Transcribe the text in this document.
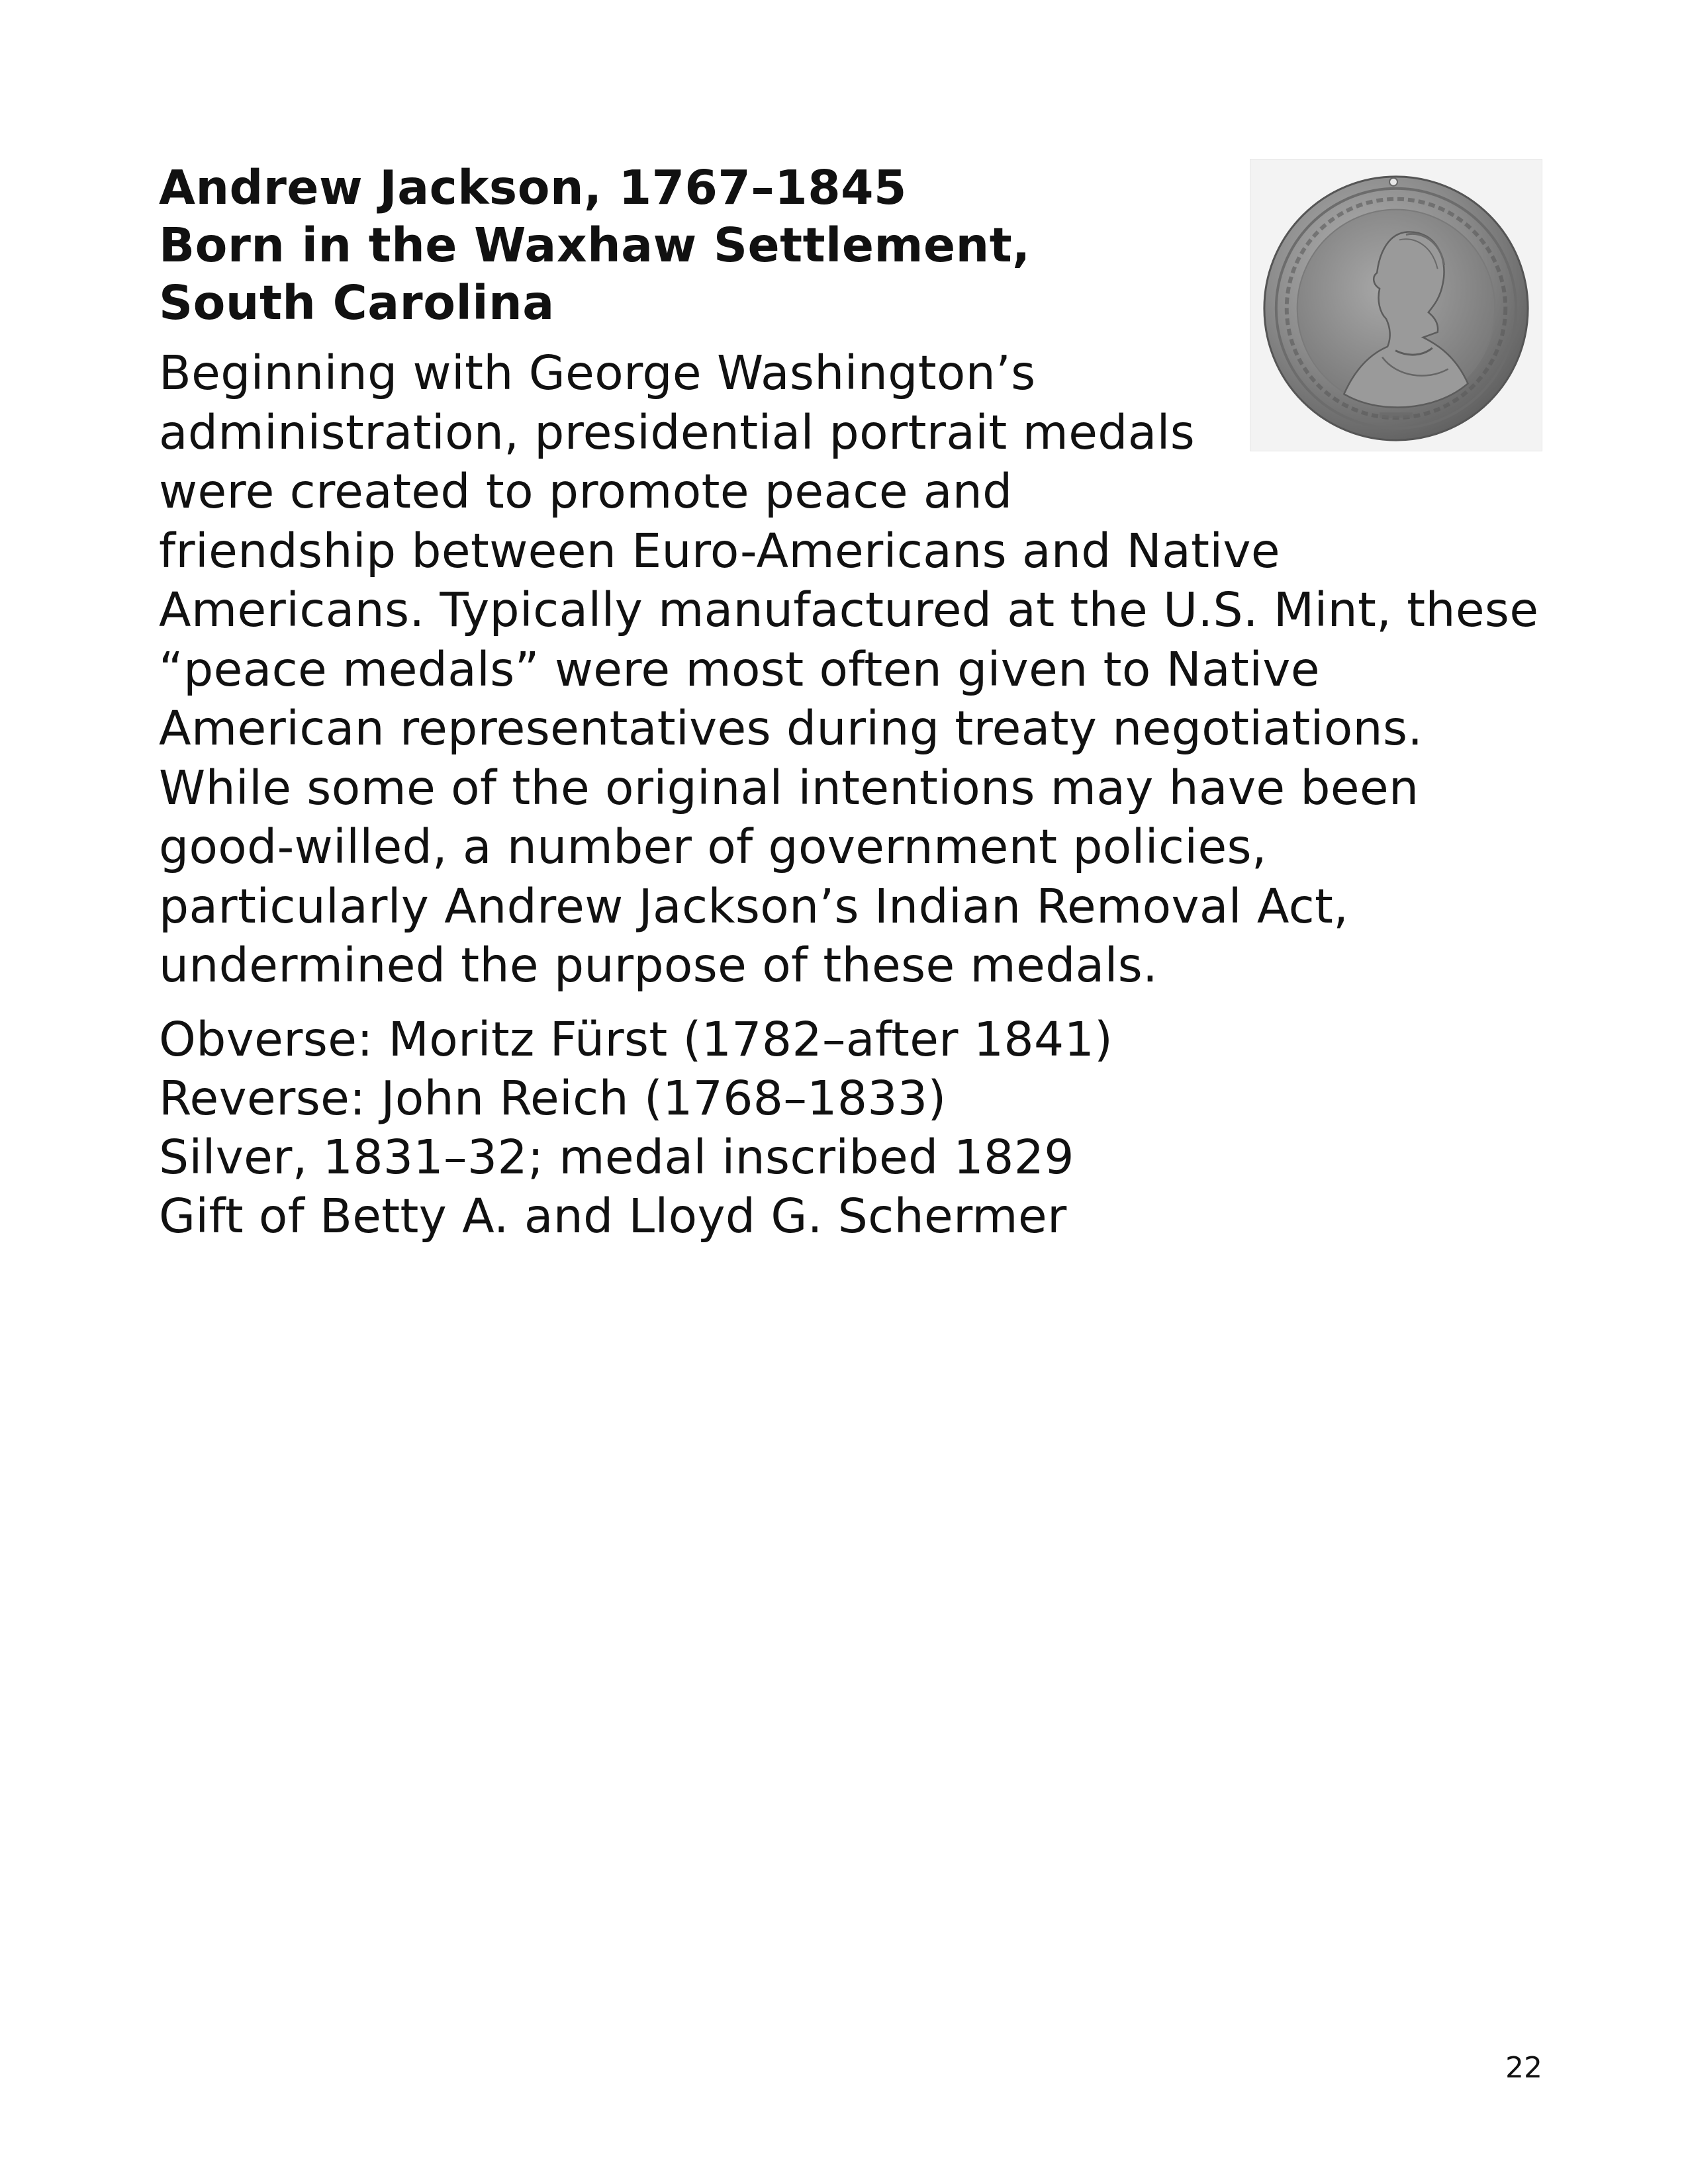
Andrew Jackson, 1767–1845
Born in the Waxhaw Settlement,
South Carolina

Beginning with George Washington’s administration, presidential portrait medals were created to promote peace and friendship between Euro-Americans and Native Americans. Typically manufactured at the U.S. Mint, these “peace medals” were most often given to Native American representatives during treaty negotiations. While some of the original intentions may have been good-willed, a number of government policies, particularly Andrew Jackson’s Indian Removal Act, undermined the purpose of these medals.

Obverse: Moritz Fürst (1782–after 1841)
Reverse: John Reich (1768–1833)
Silver, 1831–32; medal inscribed 1829
Gift of Betty A. and Lloyd G. Schermer

22
